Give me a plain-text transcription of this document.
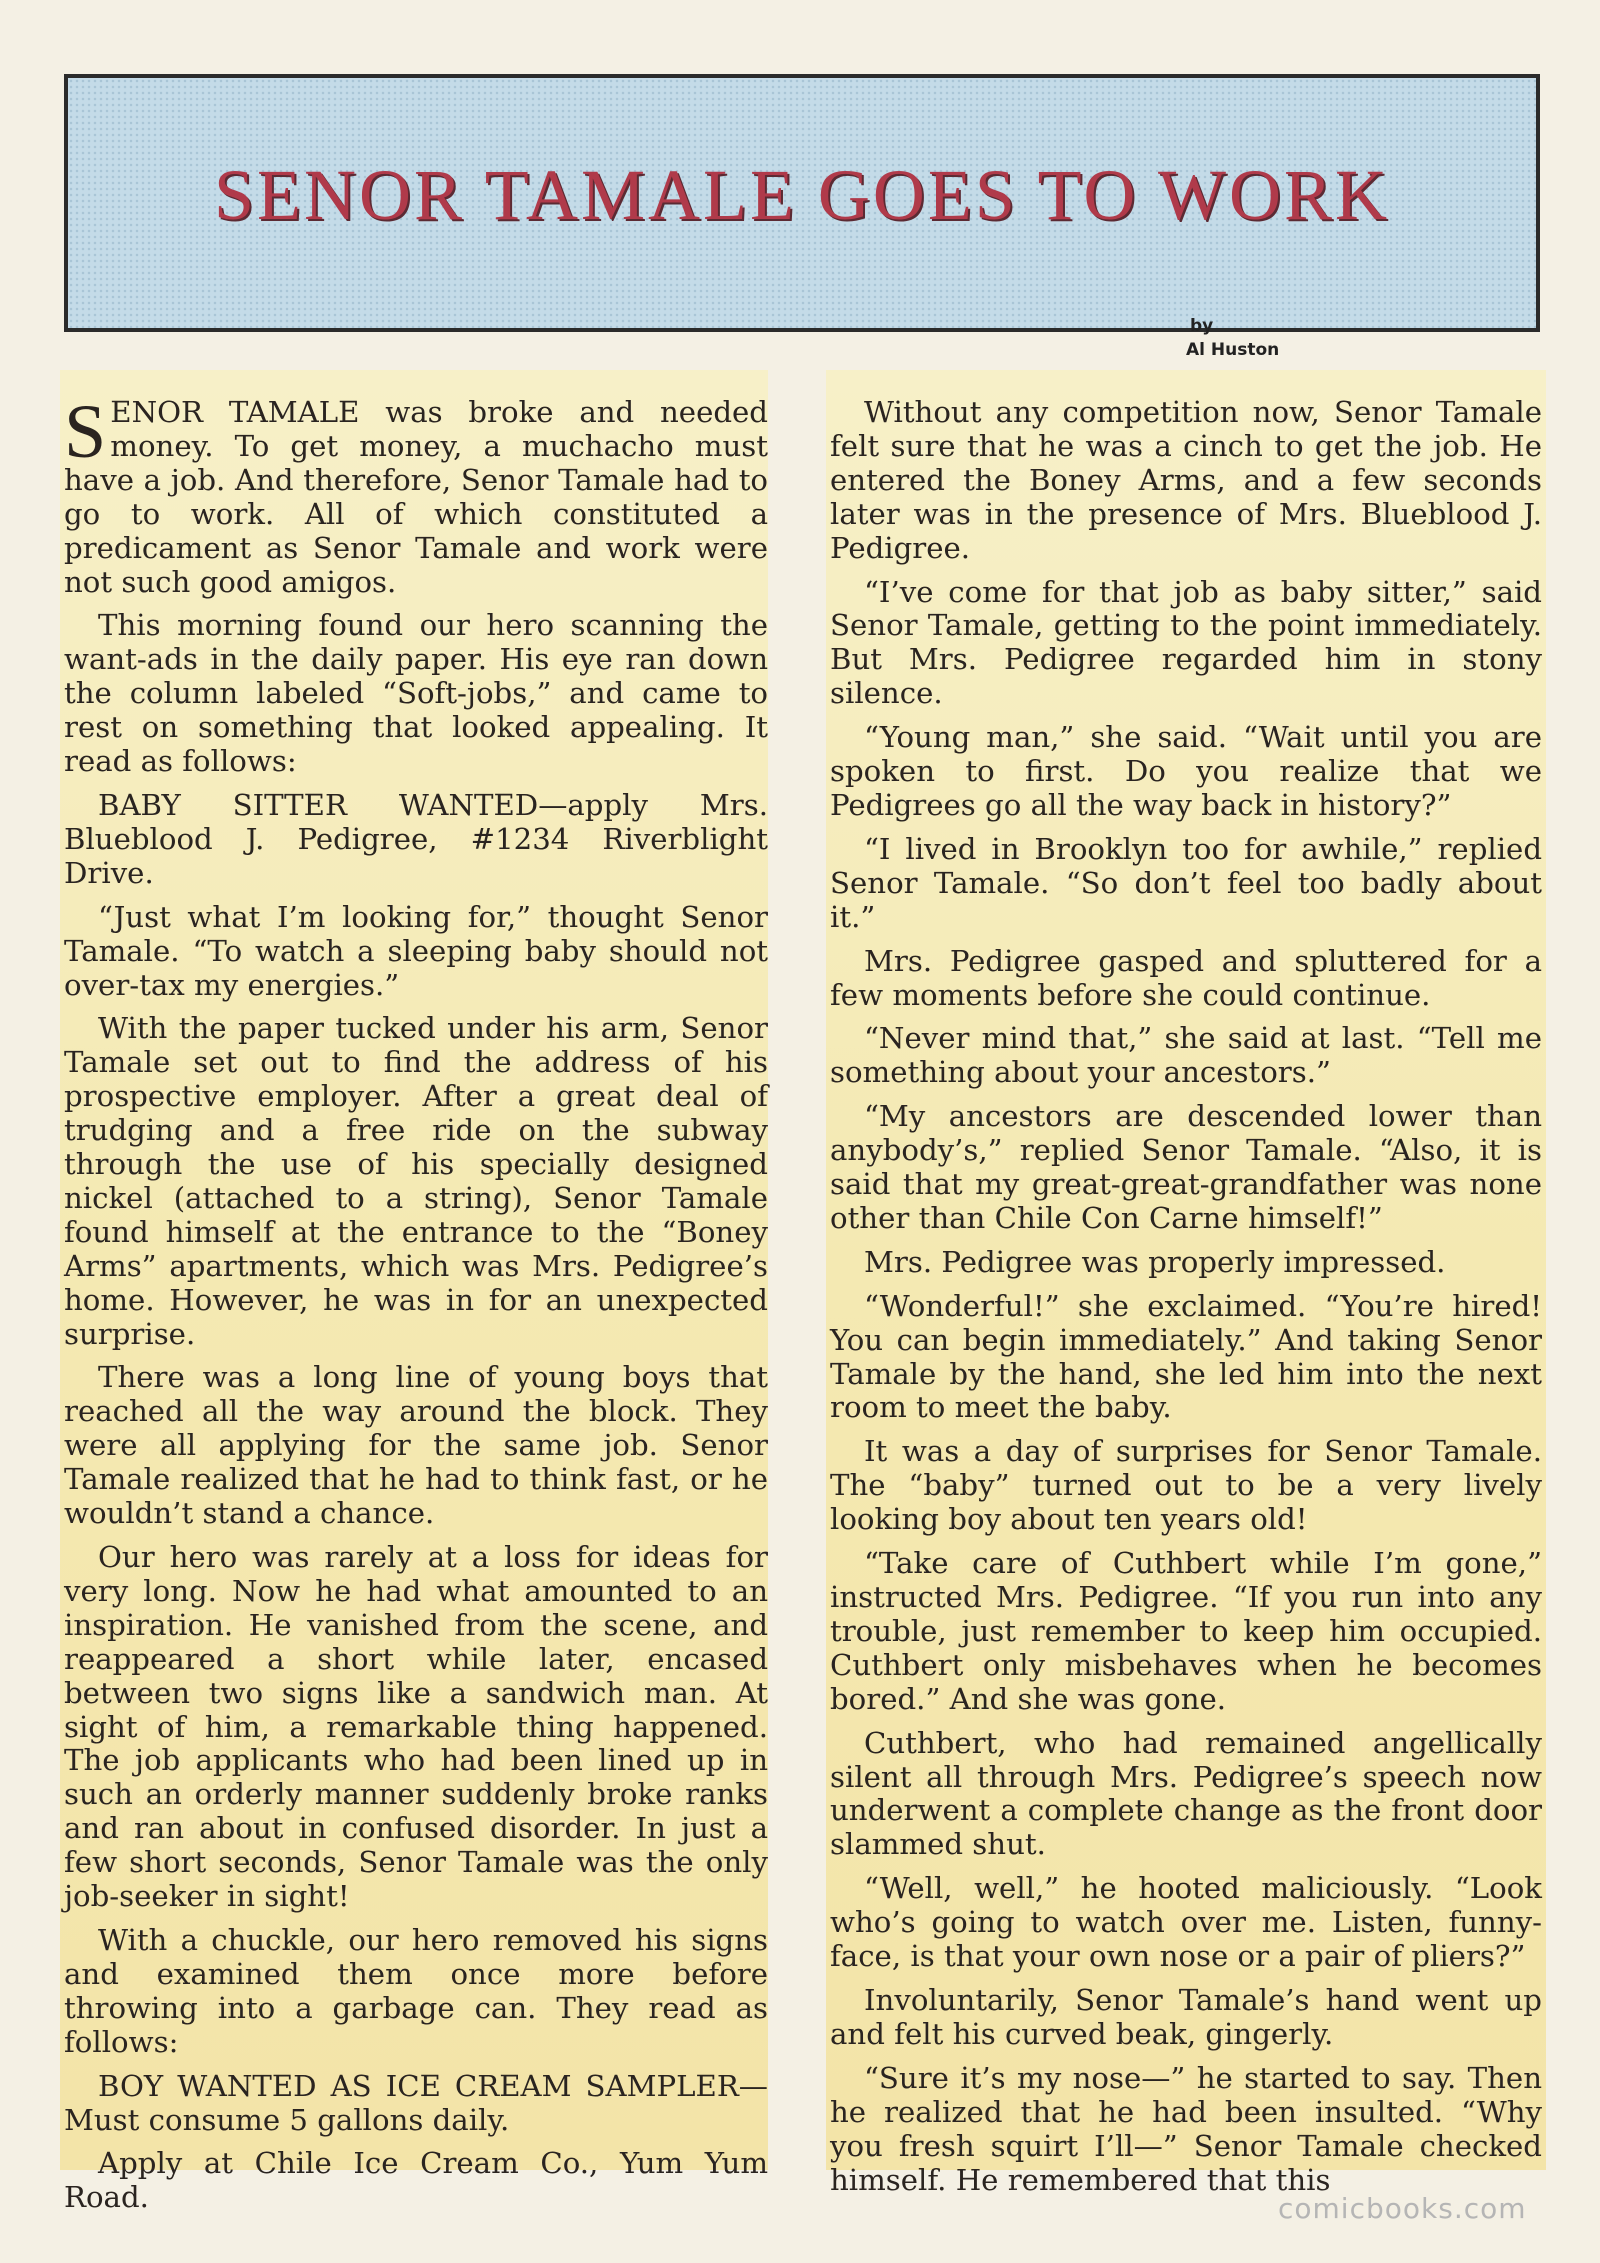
SENOR TAMALE GOES TO WORK
by
Al Huston

SENOR TAMALE was broke and needed money. To get money, a muchacho must have a job. And therefore, Senor Tamale had to go to work. All of which constituted a predicament as Senor Tamale and work were not such good amigos.

This morning found our hero scanning the want-ads in the daily paper. His eye ran down the column labeled “Soft-jobs,” and came to rest on something that looked appealing. It read as follows:

BABY SITTER WANTED—apply Mrs. Blueblood J. Pedigree, #1234 Riverblight Drive.

“Just what I’m looking for,” thought Senor Tamale. “To watch a sleeping baby should not over-tax my energies.”

With the paper tucked under his arm, Senor Tamale set out to find the address of his prospective employer. After a great deal of trudging and a free ride on the subway through the use of his specially designed nickel (attached to a string), Senor Tamale found himself at the entrance to the “Boney Arms” apartments, which was Mrs. Pedigree’s home. However, he was in for an unexpected surprise.

There was a long line of young boys that reached all the way around the block. They were all applying for the same job. Senor Tamale realized that he had to think fast, or he wouldn’t stand a chance.

Our hero was rarely at a loss for ideas for very long. Now he had what amounted to an inspiration. He vanished from the scene, and reappeared a short while later, encased between two signs like a sandwich man. At sight of him, a remarkable thing happened. The job applicants who had been lined up in such an orderly manner suddenly broke ranks and ran about in confused disorder. In just a few short seconds, Senor Tamale was the only job-seeker in sight!

With a chuckle, our hero removed his signs and examined them once more before throwing into a garbage can. They read as follows:

BOY WANTED AS ICE CREAM SAMPLER—Must consume 5 gallons daily.

Apply at Chile Ice Cream Co., Yum Yum Road.

Without any competition now, Senor Tamale felt sure that he was a cinch to get the job. He entered the Boney Arms, and a few seconds later was in the presence of Mrs. Blueblood J. Pedigree.

“I’ve come for that job as baby sitter,” said Senor Tamale, getting to the point immediately. But Mrs. Pedigree regarded him in stony silence.

“Young man,” she said. “Wait until you are spoken to first. Do you realize that we Pedigrees go all the way back in history?”

“I lived in Brooklyn too for awhile,” replied Senor Tamale. “So don’t feel too badly about it.”

Mrs. Pedigree gasped and spluttered for a few moments before she could continue.

“Never mind that,” she said at last. “Tell me something about your ancestors.”

“My ancestors are descended lower than anybody’s,” replied Senor Tamale. “Also, it is said that my great-great-grandfather was none other than Chile Con Carne himself!”

Mrs. Pedigree was properly impressed.

“Wonderful!” she exclaimed. “You’re hired! You can begin immediately.” And taking Senor Tamale by the hand, she led him into the next room to meet the baby.

It was a day of surprises for Senor Tamale. The “baby” turned out to be a very lively looking boy about ten years old!

“Take care of Cuthbert while I’m gone,” instructed Mrs. Pedigree. “If you run into any trouble, just remember to keep him occupied. Cuthbert only misbehaves when he becomes bored.” And she was gone.

Cuthbert, who had remained angellically silent all through Mrs. Pedigree’s speech now underwent a complete change as the front door slammed shut.

“Well, well,” he hooted maliciously. “Look who’s going to watch over me. Listen, funny-face, is that your own nose or a pair of pliers?”

Involuntarily, Senor Tamale’s hand went up and felt his curved beak, gingerly.

“Sure it’s my nose—” he started to say. Then he realized that he had been insulted. “Why you fresh squirt I’ll—” Senor Tamale checked himself. He remembered that this

comicbooks.com
